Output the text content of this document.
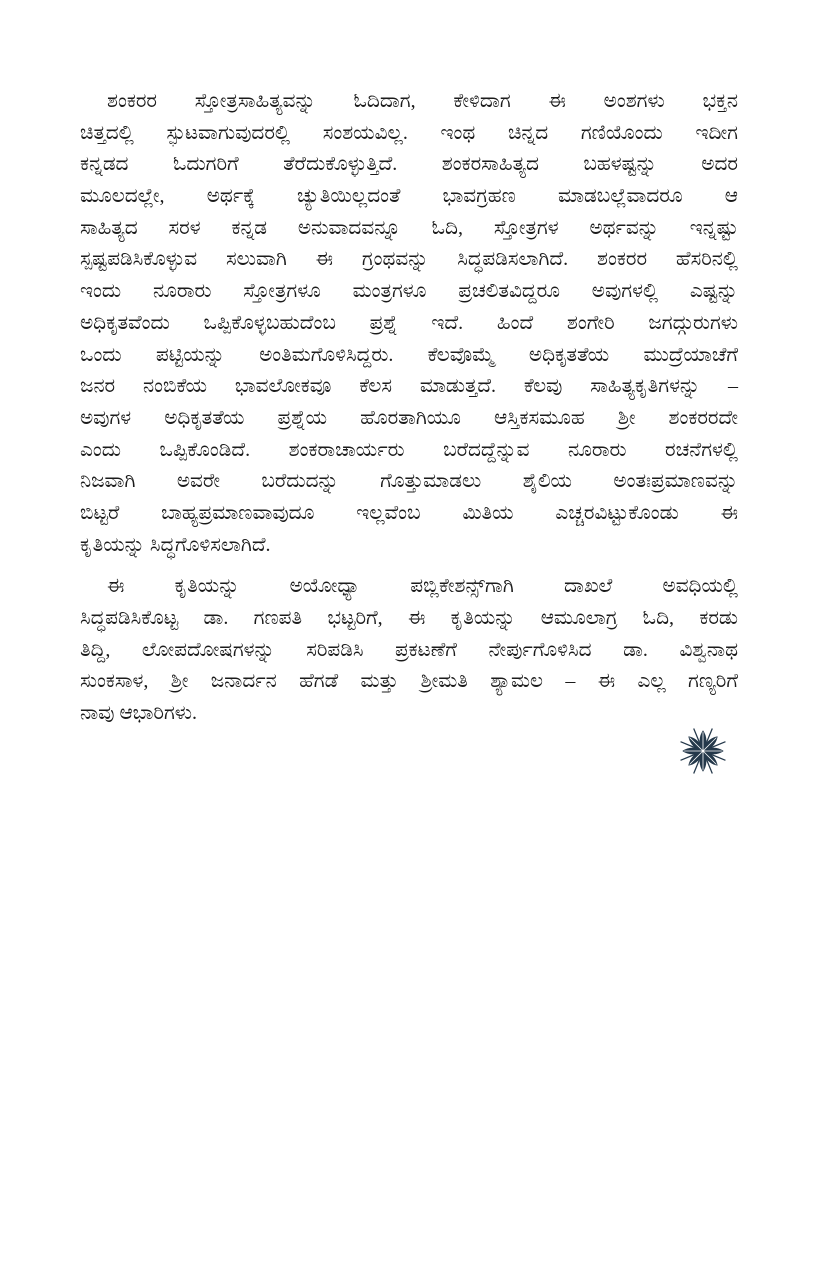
ಶಂಕರರ ಸ್ತೋತ್ರಸಾಹಿತ್ಯವನ್ನು ಓದಿದಾಗ, ಕೇಳಿದಾಗ ಈ ಅಂಶಗಳು ಭಕ್ತನ
ಚಿತ್ತದಲ್ಲಿ ಸ್ಫುಟವಾಗುವುದರಲ್ಲಿ ಸಂಶಯವಿಲ್ಲ. ಇಂಥ ಚಿನ್ನದ ಗಣಿಯೊಂದು ಇದೀಗ
ಕನ್ನಡದ ಓದುಗರಿಗೆ ತೆರೆದುಕೊಳ್ಳುತ್ತಿದೆ. ಶಂಕರಸಾಹಿತ್ಯದ ಬಹಳಷ್ಟನ್ನು ಅದರ
ಮೂಲದಲ್ಲೇ, ಅರ್ಥಕ್ಕೆ ಚ್ಯುತಿಯಿಲ್ಲದಂತೆ ಭಾವಗ್ರಹಣ ಮಾಡಬಲ್ಲೆವಾದರೂ ಆ
ಸಾಹಿತ್ಯದ ಸರಳ ಕನ್ನಡ ಅನುವಾದವನ್ನೂ ಓದಿ, ಸ್ತೋತ್ರಗಳ ಅರ್ಥವನ್ನು ಇನ್ನಷ್ಟು
ಸ್ಪಷ್ಟಪಡಿಸಿಕೊಳ್ಳುವ ಸಲುವಾಗಿ ಈ ಗ್ರಂಥವನ್ನು ಸಿದ್ಧಪಡಿಸಲಾಗಿದೆ. ಶಂಕರರ ಹೆಸರಿನಲ್ಲಿ
ಇಂದು ನೂರಾರು ಸ್ತೋತ್ರಗಳೂ ಮಂತ್ರಗಳೂ ಪ್ರಚಲಿತವಿದ್ದರೂ ಅವುಗಳಲ್ಲಿ ಎಷ್ಟನ್ನು
ಅಧಿಕೃತವೆಂದು ಒಪ್ಪಿಕೊಳ್ಳಬಹುದೆಂಬ ಪ್ರಶ್ನೆ ಇದೆ. ಹಿಂದೆ ಶಂಗೇರಿ ಜಗದ್ಗುರುಗಳು
ಒಂದು ಪಟ್ಟಿಯನ್ನು ಅಂತಿಮಗೊಳಿಸಿದ್ದರು. ಕೆಲವೊಮ್ಮೆ ಅಧಿಕೃತತೆಯ ಮುದ್ರೆಯಾಚೆಗೆ
ಜನರ ನಂಬಿಕೆಯ ಭಾವಲೋಕವೂ ಕೆಲಸ ಮಾಡುತ್ತದೆ. ಕೆಲವು ಸಾಹಿತ್ಯಕೃತಿಗಳನ್ನು –
ಅವುಗಳ ಅಧಿಕೃತತೆಯ ಪ್ರಶ್ನೆಯ ಹೊರತಾಗಿಯೂ ಆಸ್ತಿಕಸಮೂಹ ಶ್ರೀ ಶಂಕರರದೇ
ಎಂದು ಒಪ್ಪಿಕೊಂಡಿದೆ. ಶಂಕರಾಚಾರ್ಯರು ಬರೆದದ್ದೆನ್ನುವ ನೂರಾರು ರಚನೆಗಳಲ್ಲಿ
ನಿಜವಾಗಿ ಅವರೇ ಬರೆದುದನ್ನು ಗೊತ್ತುಮಾಡಲು ಶೈಲಿಯ ಅಂತಃಪ್ರಮಾಣವನ್ನು
ಬಿಟ್ಟರೆ ಬಾಹ್ಯಪ್ರಮಾಣವಾವುದೂ ಇಲ್ಲವೆಂಬ ಮಿತಿಯ ಎಚ್ಚರವಿಟ್ಟುಕೊಂಡು ಈ
ಕೃತಿಯನ್ನು ಸಿದ್ಧಗೊಳಿಸಲಾಗಿದೆ.
ಈ ಕೃತಿಯನ್ನು ಅಯೋಧ್ಯಾ ಪಬ್ಲಿಕೇಶನ್ಸ್‌ಗಾಗಿ ದಾಖಲೆ ಅವಧಿಯಲ್ಲಿ
ಸಿದ್ಧಪಡಿಸಿಕೊಟ್ಟ ಡಾ. ಗಣಪತಿ ಭಟ್ಟರಿಗೆ, ಈ ಕೃತಿಯನ್ನು ಆಮೂಲಾಗ್ರ ಓದಿ, ಕರಡು
ತಿದ್ದಿ, ಲೋಪದೋಷಗಳನ್ನು ಸರಿಪಡಿಸಿ ಪ್ರಕಟಣೆಗೆ ನೇರ್ಪುಗೊಳಿಸಿದ ಡಾ. ವಿಶ್ವನಾಥ
ಸುಂಕಸಾಳ, ಶ್ರೀ ಜನಾರ್ದನ ಹೆಗಡೆ ಮತ್ತು ಶ್ರೀಮತಿ ಶ್ಯಾಮಲ – ಈ ಎಲ್ಲ ಗಣ್ಯರಿಗೆ
ನಾವು ಆಭಾರಿಗಳು.
